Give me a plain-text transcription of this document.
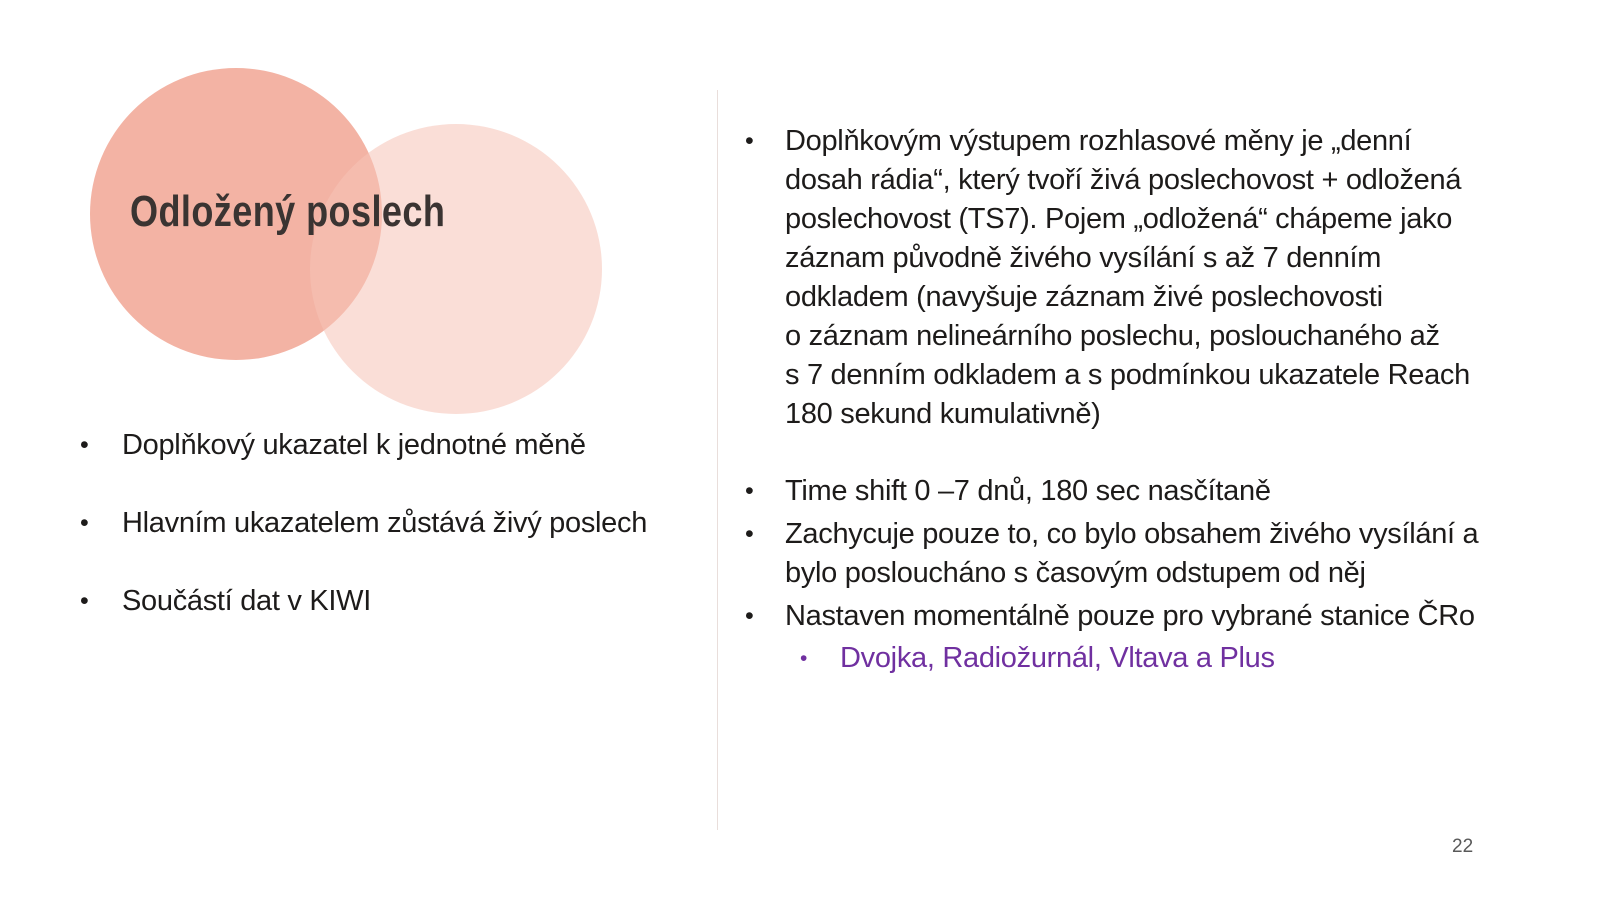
Odložený poslech
•	Doplňkový ukazatel k jednotné měně
•	Hlavním ukazatelem zůstává živý poslech
•	Součástí dat v KIWI
•	Doplňkovým výstupem rozhlasové měny je „denní
dosah rádia“, který tvoří živá poslechovost + odložená
poslechovost (TS7). Pojem „odložená“ chápeme jako
záznam původně živého vysílání s až 7 denním
odkladem (navyšuje záznam živé poslechovosti
o záznam nelineárního poslechu, poslouchaného až
s 7 denním odkladem a s podmínkou ukazatele Reach
180 sekund kumulativně)
•	Time shift 0 –7 dnů, 180 sec nasčítaně
•	Zachycuje pouze to, co bylo obsahem živého vysílání a
bylo posloucháno s časovým odstupem od něj
•	Nastaven momentálně pouze pro vybrané stanice ČRo
•	Dvojka, Radiožurnál, Vltava a Plus
22
